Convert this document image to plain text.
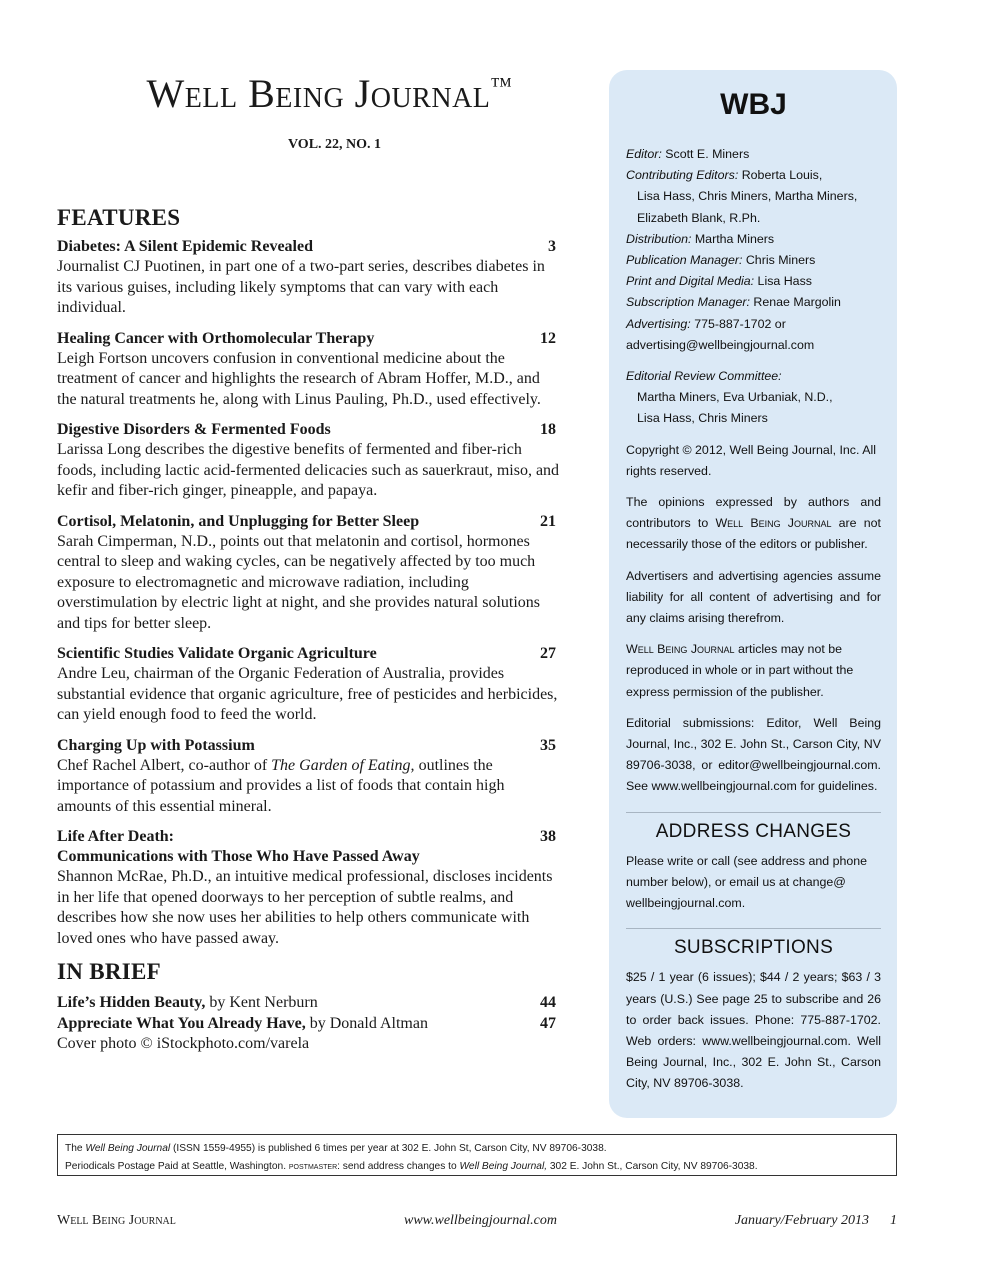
Well Being Journal™
VOL. 22, NO. 1
FEATURES
Diabetes: A Silent Epidemic Revealed	3
Journalist CJ Puotinen, in part one of a two-part series, describes diabetes in its various guises, including likely symptoms that can vary with each individual.
Healing Cancer with Orthomolecular Therapy	12
Leigh Fortson uncovers confusion in conventional medicine about the treatment of cancer and highlights the research of Abram Hoffer, M.D., and the natural treatments he, along with Linus Pauling, Ph.D., used effectively.
Digestive Disorders & Fermented Foods	18
Larissa Long describes the digestive benefits of fermented and fiber-rich foods, including lactic acid-fermented delicacies such as sauerkraut, miso, and kefir and fiber-rich ginger, pineapple, and papaya.
Cortisol, Melatonin, and Unplugging for Better Sleep	21
Sarah Cimperman, N.D., points out that melatonin and cortisol, hormones central to sleep and waking cycles, can be negatively affected by too much exposure to electromagnetic and microwave radiation, including overstimulation by electric light at night, and she provides natural solutions and tips for better sleep.
Scientific Studies Validate Organic Agriculture	27
Andre Leu, chairman of the Organic Federation of Australia, provides substantial evidence that organic agriculture, free of pesticides and herbicides, can yield enough food to feed the world.
Charging Up with Potassium	35
Chef Rachel Albert, co-author of The Garden of Eating, outlines the importance of potassium and provides a list of foods that contain high amounts of this essential mineral.
Life After Death:	38
Communications with Those Who Have Passed Away
Shannon McRae, Ph.D., an intuitive medical professional, discloses incidents in her life that opened doorways to her perception of subtle realms, and describes how she now uses her abilities to help others communicate with loved ones who have passed away.
IN BRIEF
Life’s Hidden Beauty, by Kent Nerburn	44
Appreciate What You Already Have, by Donald Altman	47
Cover photo © iStockphoto.com/varela
WBJ

Editor: Scott E. Miners

Contributing Editors: Roberta Louis,

Lisa Hass, Chris Miners, Martha Miners,

Elizabeth Blank, R.Ph.

Distribution: Martha Miners

Publication Manager: Chris Miners

Print and Digital Media: Lisa Hass

Subscription Manager: Renae Margolin

Advertising: 775-887-1702 or

advertising@wellbeingjournal.com

Editorial Review Committee:
Martha Miners, Eva Urbaniak, N.D.,
Lisa Hass, Chris Miners
Copyright © 2012, Well Being Journal, Inc. All rights reserved.
The opinions expressed by authors and contributors to Well Being Journal are not necessarily those of the editors or publisher.
Advertisers and advertising agencies assume liability for all content of advertising and for any claims arising therefrom.
Well Being Journal articles may not be reproduced in whole or in part without the express permission of the publisher.
Editorial submissions: Editor, Well Being Journal, Inc., 302 E. John St., Carson City, NV 89706-3038, or editor@wellbeingjournal.com. See www.wellbeingjournal.com for guidelines.
ADDRESS CHANGES
Please write or call (see address and phone number below), or email us at change@ wellbeingjournal.com.
SUBSCRIPTIONS
$25 / 1 year (6 issues); $44 / 2 years; $63 / 3 years (U.S.) See page 25 to subscribe and 26 to order back issues. Phone: 775-887-1702. Web orders: www.wellbeingjournal.com. Well Being Journal, Inc., 302 E. John St., Carson City, NV 89706-3038.
The Well Being Journal (ISSN 1559-4955) is published 6 times per year at 302 E. John St, Carson City, NV 89706-3038.
Periodicals Postage Paid at Seattle, Washington. postmaster: send address changes to Well Being Journal, 302 E. John St., Carson City, NV 89706-3038.
Well Being Journal	www.wellbeingjournal.com	January/February 2013      1
